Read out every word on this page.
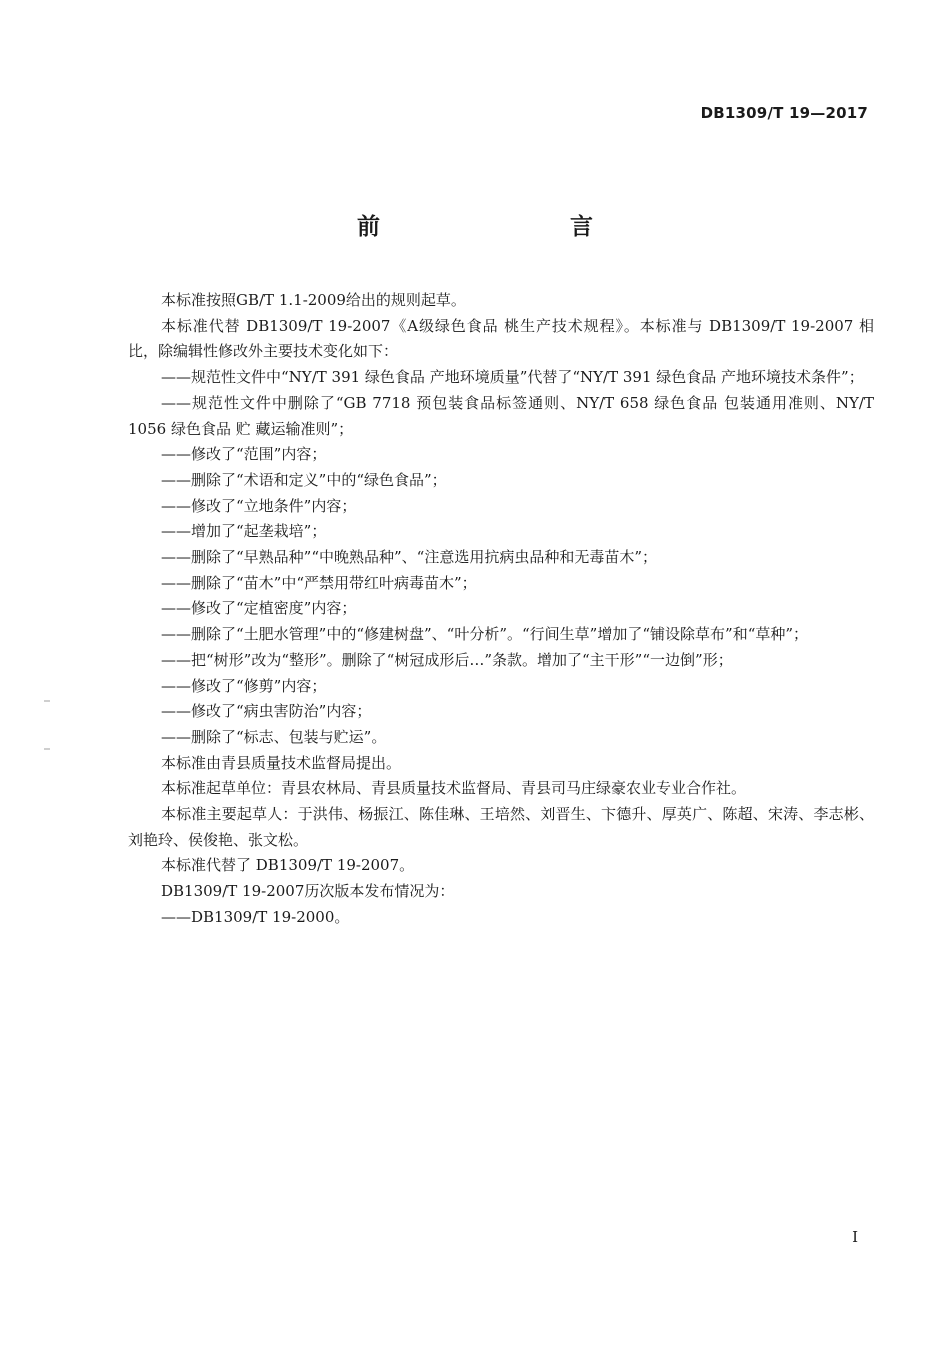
DB1309/T 19—2017
前　　言

本标准按照GB/T 1.1-2009给出的规则起草。

本标准代替 DB1309/T 19-2007《A级绿色食品 桃生产技术规程》。本标准与 DB1309/T 19-2007 相比，除编辑性修改外主要技术变化如下：

——规范性文件中“NY/T 391 绿色食品 产地环境质量”代替了“NY/T 391 绿色食品 产地环境技术条件”；

——规范性文件中删除了“GB 7718 预包装食品标签通则、NY/T 658 绿色食品 包装通用准则、NY/T 1056 绿色食品 贮 藏运输准则”；

——修改了“范围”内容；

——删除了“术语和定义”中的“绿色食品”；

——修改了“立地条件”内容；

——增加了“起垄栽培”；

——删除了“早熟品种”“中晚熟品种”、“注意选用抗病虫品种和无毒苗木”；

——删除了“苗木”中“严禁用带红叶病毒苗木”；

——修改了“定植密度”内容；

——删除了“土肥水管理”中的“修建树盘”、“叶分析”。“行间生草”增加了“铺设除草布”和“草种”；

——把“树形”改为“整形”。删除了“树冠成形后…”条款。增加了“主干形”“一边倒”形；

——修改了“修剪”内容；

——修改了“病虫害防治”内容；

——删除了“标志、包装与贮运”。

本标准由青县质量技术监督局提出。

本标准起草单位：青县农林局、青县质量技术监督局、青县司马庄绿豪农业专业合作社。

本标准主要起草人：于洪伟、杨振江、陈佳琳、王培然、刘晋生、卞德升、厚英广、陈超、宋涛、李志彬、刘艳玲、侯俊艳、张文松。

本标准代替了 DB1309/T 19-2007。

DB1309/T 19-2007历次版本发布情况为：

——DB1309/T 19-2000。

I
